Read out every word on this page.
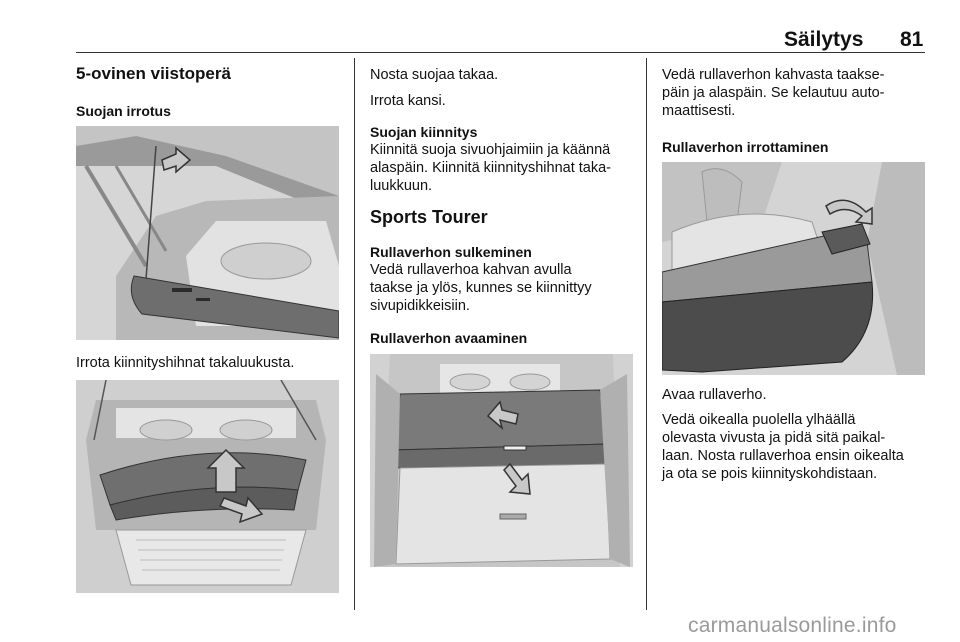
Säilytys 81
5-ovinen viistoperä
Suojan irrotus
Irrota kiinnityshihnat takaluukusta.
Nosta suojaa takaa.
Irrota kansi.
Suojan kiinnitys
Kiinnitä suoja sivuohjaimiin ja käännä
alaspäin. Kiinnitä kiinnityshihnat taka-
luukkuun.
Sports Tourer
Rullaverhon sulkeminen
Vedä rullaverhoa kahvan avulla
taakse ja ylös, kunnes se kiinnittyy
sivupidikkeisiin.
Rullaverhon avaaminen
Vedä rullaverhon kahvasta taakse-
päin ja alaspäin. Se kelautuu auto-
maattisesti.
Rullaverhon irrottaminen
Avaa rullaverho.
Vedä oikealla puolella ylhäällä
olevasta vivusta ja pidä sitä paikal-
laan. Nosta rullaverhoa ensin oikealta
ja ota se pois kiinnityskohdistaan.
carmanualsonline.info
